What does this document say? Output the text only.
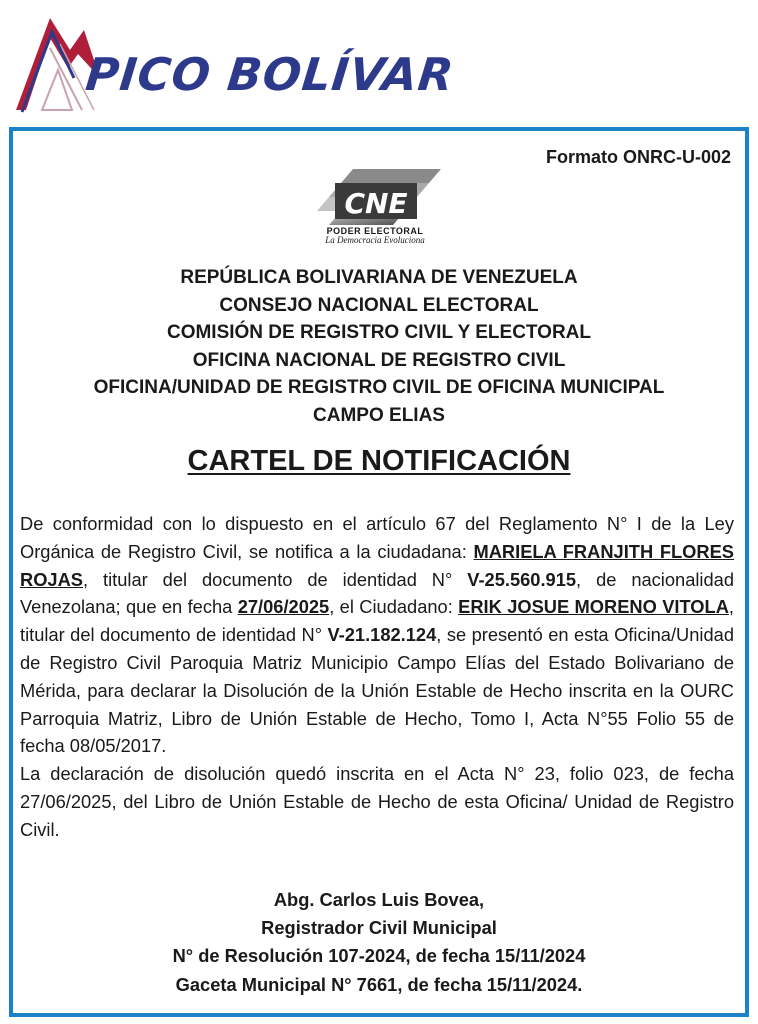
PICO BOLÍVAR
Formato ONRC-U-002
CNE
PODER ELECTORAL
La Democracia Evoluciona
REPÚBLICA BOLIVARIANA DE VENEZUELA
CONSEJO NACIONAL ELECTORAL
COMISIÓN DE REGISTRO CIVIL Y ELECTORAL
OFICINA NACIONAL DE REGISTRO CIVIL
OFICINA/UNIDAD DE REGISTRO CIVIL DE OFICINA MUNICIPAL
CAMPO ELIAS
CARTEL DE NOTIFICACIÓN

De conformidad con lo dispuesto en el artículo 67 del Reglamento N° I de la Ley Orgánica de Registro Civil, se notifica a la ciudadana: MARIELA FRANJITH FLORES ROJAS, titular del documento de identidad N° V-25.560.915, de nacionalidad Venezolana; que en fecha 27/06/2025, el Ciudadano: ERIK JOSUE MORENO VITOLA, titular del documento de identidad N° V-21.182.124, se presentó en esta Oficina/Unidad de Registro Civil Paroquia Matriz Municipio Campo Elías del Estado Bolivariano de Mérida, para declarar la Disolución de la Unión Estable de Hecho inscrita en la OURC Parroquia Matriz, Libro de Unión Estable de Hecho, Tomo I, Acta N°55 Folio 55 de fecha 08/05/2017.

La declaración de disolución quedó inscrita en el Acta N° 23, folio 023, de fecha 27/06/2025, del Libro de Unión Estable de Hecho de esta Oficina/ Unidad de Registro Civil.

Abg. Carlos Luis Bovea,
Registrador Civil Municipal
N° de Resolución 107-2024, de fecha 15/11/2024
Gaceta Municipal N° 7661, de fecha 15/11/2024.
